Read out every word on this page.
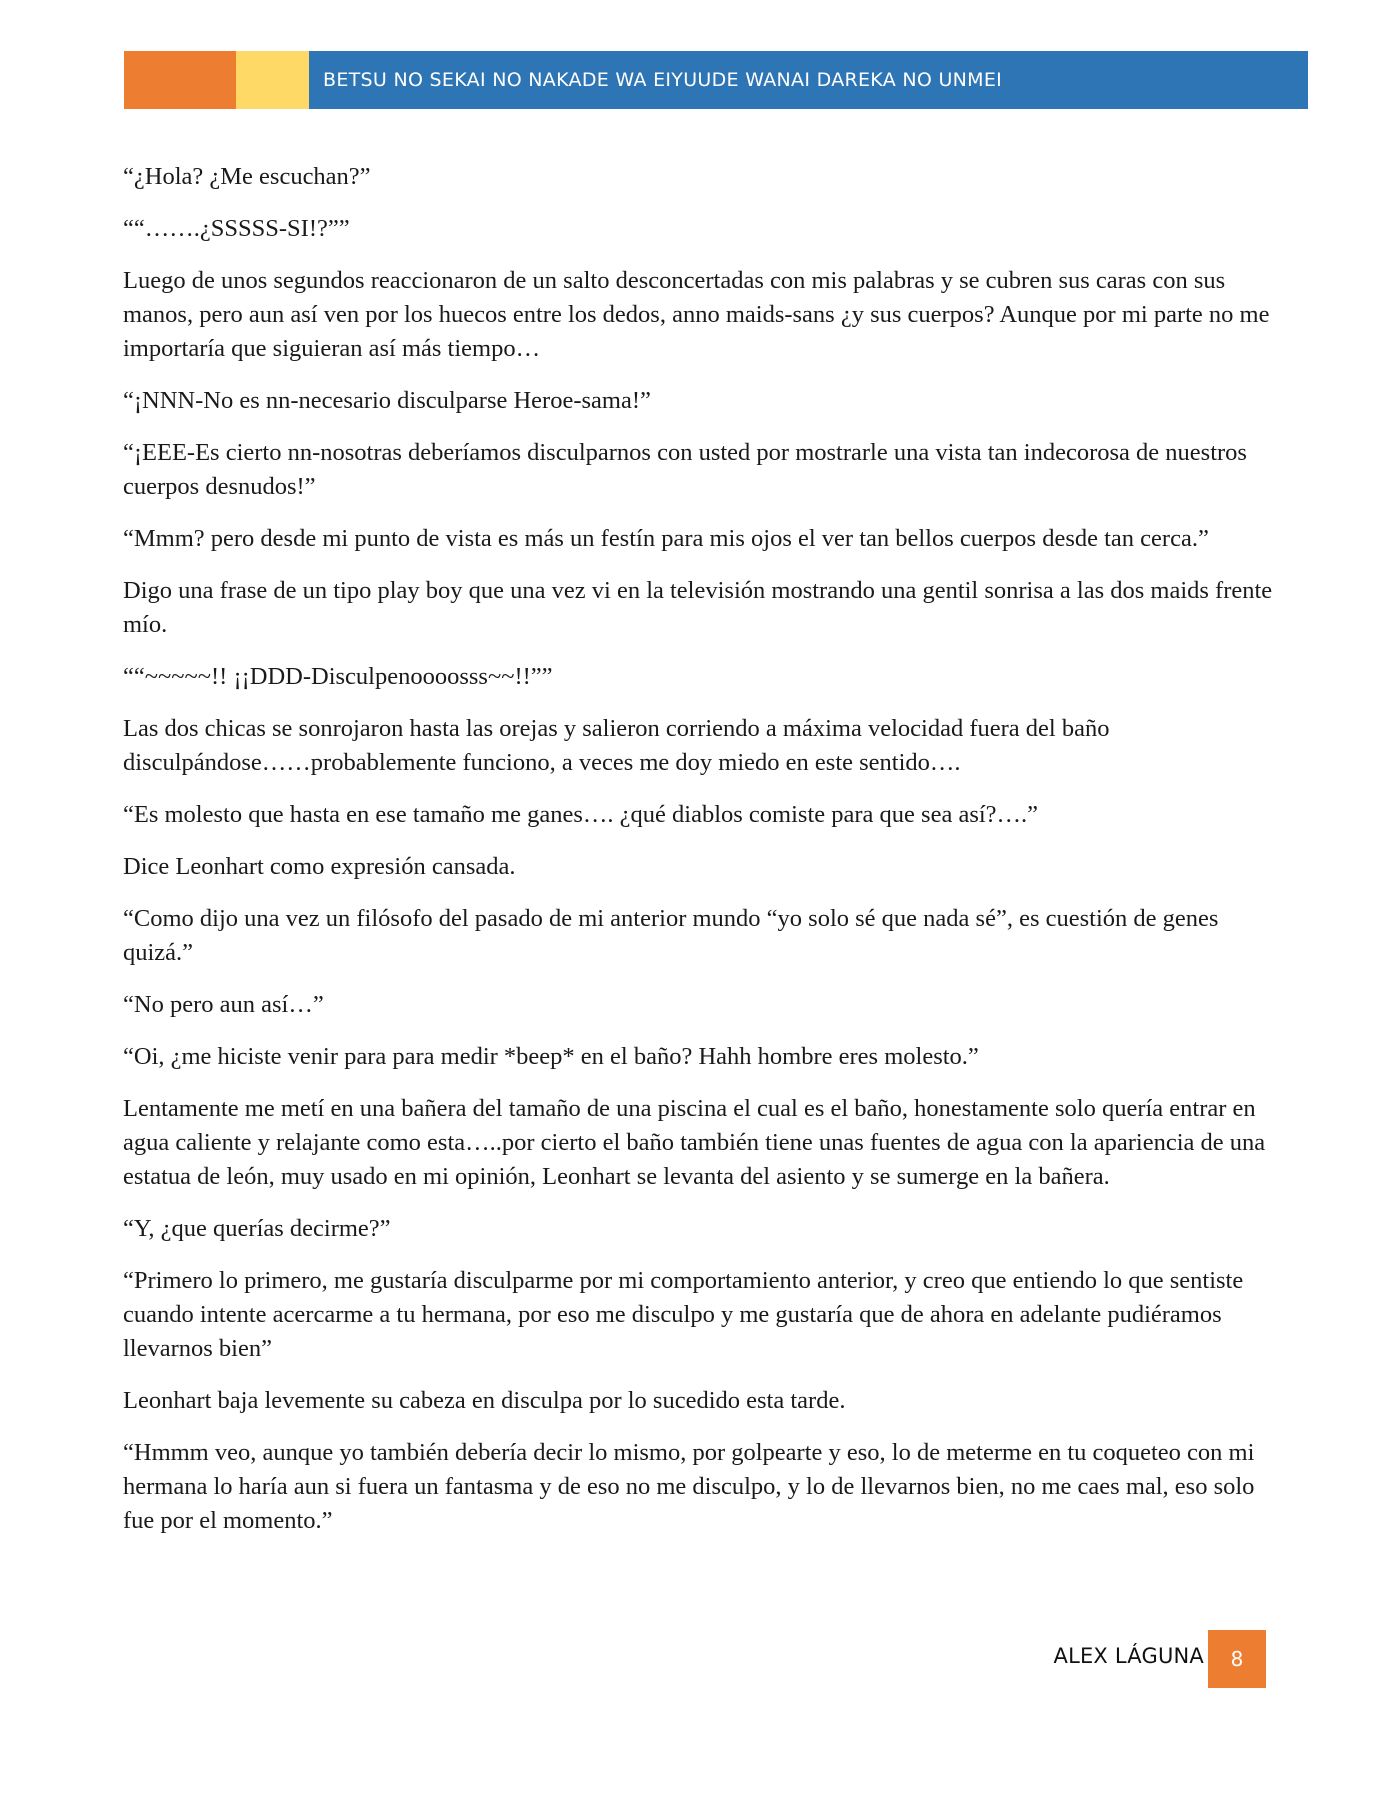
BETSU NO SEKAI NO NAKADE WA EIYUUDE WANAI DAREKA NO UNMEI

“¿Hola? ¿Me escuchan?”

““…….¿SSSSS-SI!?””

Luego de unos segundos reaccionaron de un salto desconcertadas con mis palabras y se cubren sus caras con sus manos, pero aun así ven por los huecos entre los dedos, anno maids-sans ¿y sus cuerpos? Aunque por mi parte no me importaría que siguieran así más tiempo…

“¡NNN-No es nn-necesario disculparse Heroe-sama!”

“¡EEE-Es cierto nn-nosotras deberíamos disculparnos con usted por mostrarle una vista tan indecorosa de nuestros cuerpos desnudos!”

“Mmm? pero desde mi punto de vista es más un festín para mis ojos el ver tan bellos cuerpos desde tan cerca.”

Digo una frase de un tipo play boy que una vez vi en la televisión mostrando una gentil sonrisa a las dos maids frente mío.

““~~~~~!! ¡¡DDD-Disculpenoooosss~~!!””

Las dos chicas se sonrojaron hasta las orejas y salieron corriendo a máxima velocidad fuera del baño disculpándose……probablemente funciono, a veces me doy miedo en este sentido….

“Es molesto que hasta en ese tamaño me ganes…. ¿qué diablos comiste para que sea así?….”

Dice Leonhart como expresión cansada.

“Como dijo una vez un filósofo del pasado de mi anterior mundo “yo solo sé que nada sé”, es cuestión de genes quizá.”

“No pero aun así…”

“Oi, ¿me hiciste venir para para medir *beep* en el baño? Hahh hombre eres molesto.”

Lentamente me metí en una bañera del tamaño de una piscina el cual es el baño, honestamente solo quería entrar en agua caliente y relajante como esta…..por cierto el baño también tiene unas fuentes de agua con la apariencia de una estatua de león, muy usado en mi opinión, Leonhart se levanta del asiento y se sumerge en la bañera.

“Y, ¿que querías decirme?”

“Primero lo primero, me gustaría disculparme por mi comportamiento anterior, y creo que entiendo lo que sentiste cuando intente acercarme a tu hermana, por eso me disculpo y me gustaría que de ahora en adelante pudiéramos llevarnos bien”

Leonhart baja levemente su cabeza en disculpa por lo sucedido esta tarde.

“Hmmm veo, aunque yo también debería decir lo mismo, por golpearte y eso, lo de meterme en tu coqueteo con mi hermana lo haría aun si fuera un fantasma y de eso no me disculpo, y lo de llevarnos bien, no me caes mal, eso solo fue por el momento.”

ALEX LÁGUNA 8
